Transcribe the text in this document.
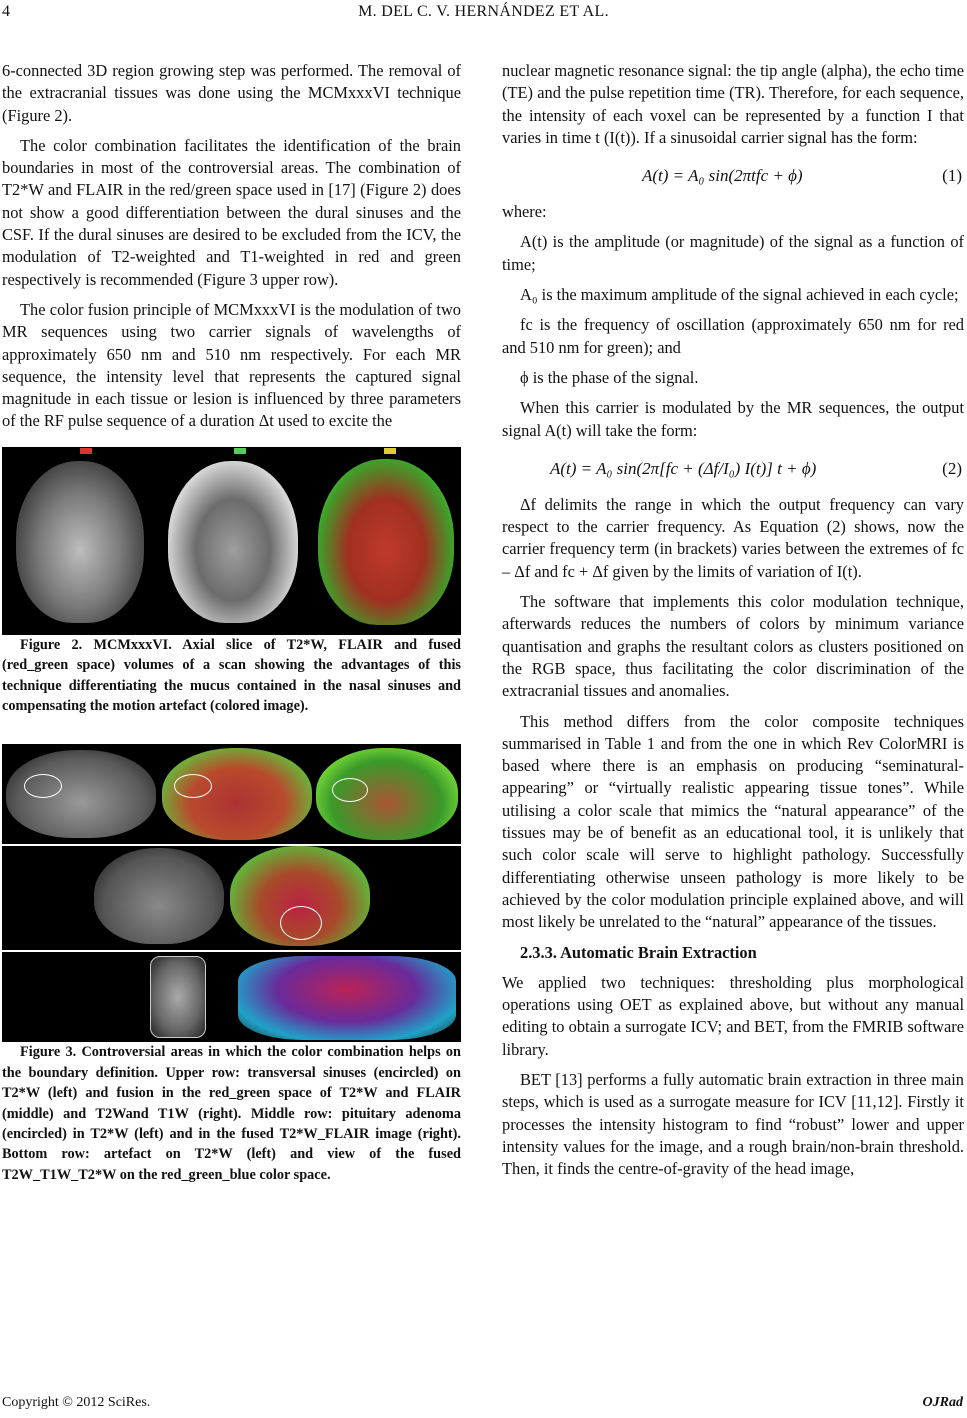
4	M. DEL C. V. HERNÁNDEZ ET AL.

6-connected 3D region growing step was performed. The removal of the extracranial tissues was done using the MCMxxxVI technique (Figure 2).

The color combination facilitates the identification of the brain boundaries in most of the controversial areas. The combination of T2*W and FLAIR in the red/green space used in [17] (Figure 2) does not show a good differentiation between the dural sinuses and the CSF. If the dural sinuses are desired to be excluded from the ICV, the modulation of T2-weighted and T1-weighted in red and green respectively is recommended (Figure 3 upper row).

The color fusion principle of MCMxxxVI is the modulation of two MR sequences using two carrier signals of wavelengths of approximately 650 nm and 510 nm respectively. For each MR sequence, the intensity level that represents the captured signal magnitude in each tissue or lesion is influenced by three parameters of the RF pulse sequence of a duration Δt used to excite the

Figure 2. MCMxxxVI. Axial slice of T2*W, FLAIR and fused (red_green space) volumes of a scan showing the advantages of this technique differentiating the mucus contained in the nasal sinuses and compensating the motion artefact (colored image).

Figure 3. Controversial areas in which the color combination helps on the boundary definition. Upper row: transversal sinuses (encircled) on T2*W (left) and fusion in the red_green space of T2*W and FLAIR (middle) and T2Wand T1W (right). Middle row: pituitary adenoma (encircled) in T2*W (left) and in the fused T2*W_FLAIR image (right). Bottom row: artefact on T2*W (left) and view of the fused T2W_T1W_T2*W on the red_green_blue color space.

nuclear magnetic resonance signal: the tip angle (alpha), the echo time (TE) and the pulse repetition time (TR). Therefore, for each sequence, the intensity of each voxel can be represented by a function I that varies in time t (I(t)). If a sinusoidal carrier signal has the form:

A(t) = A₀ sin(2πtfc + ϕ)	(1)

where:

A(t) is the amplitude (or magnitude) of the signal as a function of time;

A₀ is the maximum amplitude of the signal achieved in each cycle;

fc is the frequency of oscillation (approximately 650 nm for red and 510 nm for green); and

ϕ is the phase of the signal.

When this carrier is modulated by the MR sequences, the output signal A(t) will take the form:

A(t) = A₀ sin(2π[fc + (Δf/I₀) I(t)] t + ϕ)	(2)

Δf delimits the range in which the output frequency can vary respect to the carrier frequency. As Equation (2) shows, now the carrier frequency term (in brackets) varies between the extremes of fc – Δf and fc + Δf given by the limits of variation of I(t).

The software that implements this color modulation technique, afterwards reduces the numbers of colors by minimum variance quantisation and graphs the resultant colors as clusters positioned on the RGB space, thus facilitating the color discrimination of the extracranial tissues and anomalies.

This method differs from the color composite techniques summarised in Table 1 and from the one in which Rev ColorMRI is based where there is an emphasis on producing “seminatural-appearing” or “virtually realistic appearing tissue tones”. While utilising a color scale that mimics the “natural appearance” of the tissues may be of benefit as an educational tool, it is unlikely that such color scale will serve to highlight pathology. Successfully differentiating otherwise unseen pathology is more likely to be achieved by the color modulation principle explained above, and will most likely be unrelated to the “natural” appearance of the tissues.

2.3.3. Automatic Brain Extraction

We applied two techniques: thresholding plus morphological operations using OET as explained above, but without any manual editing to obtain a surrogate ICV; and BET, from the FMRIB software library.

BET [13] performs a fully automatic brain extraction in three main steps, which is used as a surrogate measure for ICV [11,12]. Firstly it processes the intensity histogram to find “robust” lower and upper intensity values for the image, and a rough brain/non-brain threshold. Then, it finds the centre-of-gravity of the head image,

Copyright © 2012 SciRes.	OJRad
